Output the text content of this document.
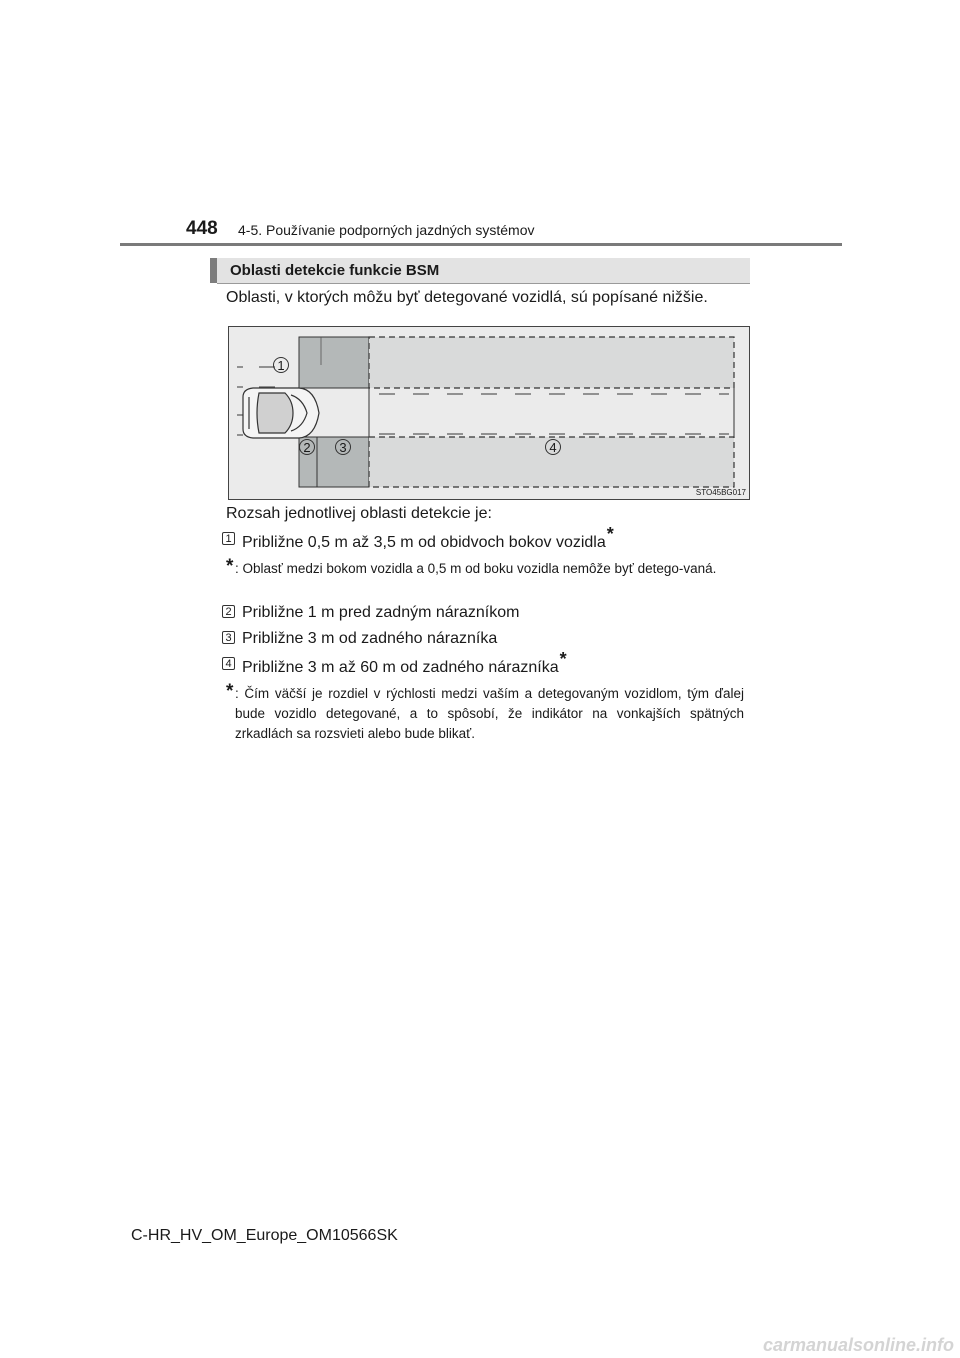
448 4-5. Používanie podporných jazdných systémov
Oblasti detekcie funkcie BSM
Oblasti, v ktorých môžu byť detegované vozidlá, sú popísané nižšie.
1
2	3	4
STO45BG017
Rozsah jednotlivej oblasti detekcie je:
1 Približne 0,5 m až 3,5 m od obidvoch bokov vozidla*
* : Oblasť medzi bokom vozidla a 0,5 m od boku vozidla nemôže byť detego-vaná.
2 Približne 1 m pred zadným nárazníkom
3 Približne 3 m od zadného nárazníka
4 Približne 3 m až 60 m od zadného nárazníka*
* : Čím väčší je rozdiel v rýchlosti medzi vaším a detegovaným vozidlom, tým ďalej bude vozidlo detegované, a to spôsobí, že indikátor na vonkajších spätných zrkadlách sa rozsvieti alebo bude blikať.
C-HR_HV_OM_Europe_OM10566SK
carmanualsonline.info
